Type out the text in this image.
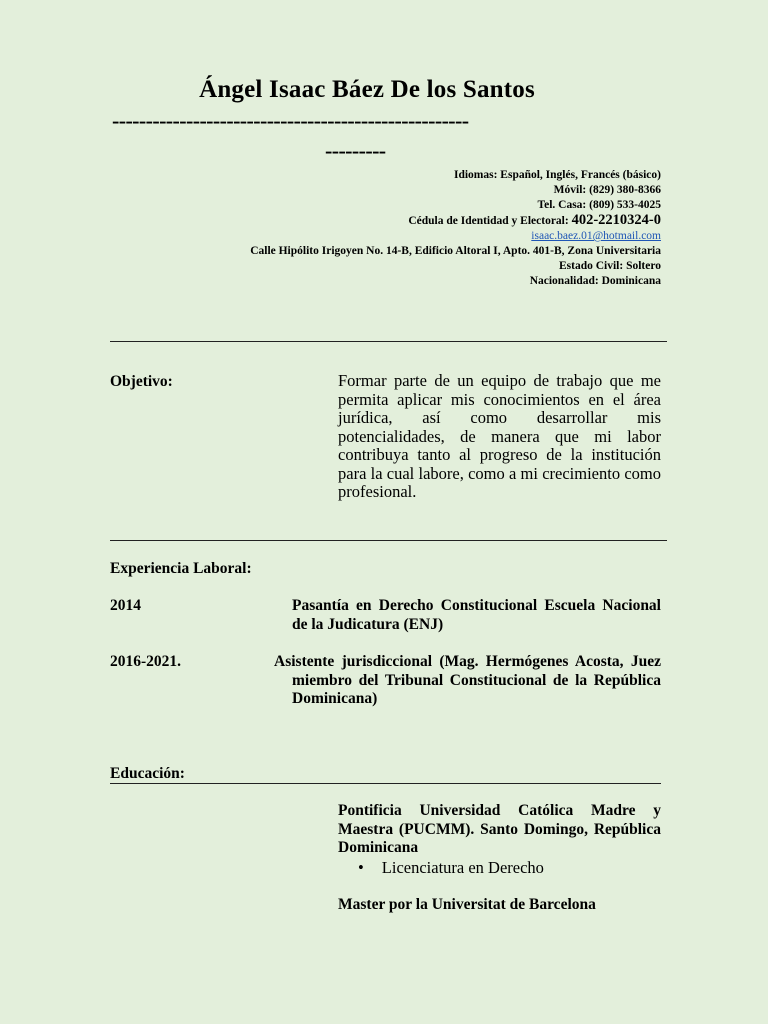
Ángel Isaac Báez De los Santos
-----------------------------------------------------
---------
Idiomas: Español, Inglés, Francés (básico)
Móvil: (829) 380-8366
Tel. Casa: (809) 533-4025
Cédula de Identidad y Electoral: 402-2210324-0
isaac.baez.01@hotmail.com
Calle Hipólito Irigoyen No. 14-B, Edificio Altoral I, Apto. 401-B, Zona Universitaria
Estado Civil: Soltero
Nacionalidad: Dominicana
Objetivo:	Formar parte de un equipo de trabajo que me permita aplicar mis conocimientos en el área jurídica, así como desarrollar mis potencialidades, de manera que mi labor contribuya tanto al progreso de la institución para la cual labore, como a mi crecimiento como profesional.
Experiencia Laboral:
2014	Pasantía en Derecho Constitucional Escuela Nacional de la Judicatura (ENJ)
2016-2021.	Asistente jurisdiccional (Mag. Hermógenes Acosta, Juez miembro del Tribunal Constitucional de la República Dominicana)
Educación:
Pontificia Universidad Católica Madre y Maestra (PUCMM). Santo Domingo, República Dominicana
• Licenciatura en Derecho
Master por la Universitat de Barcelona
